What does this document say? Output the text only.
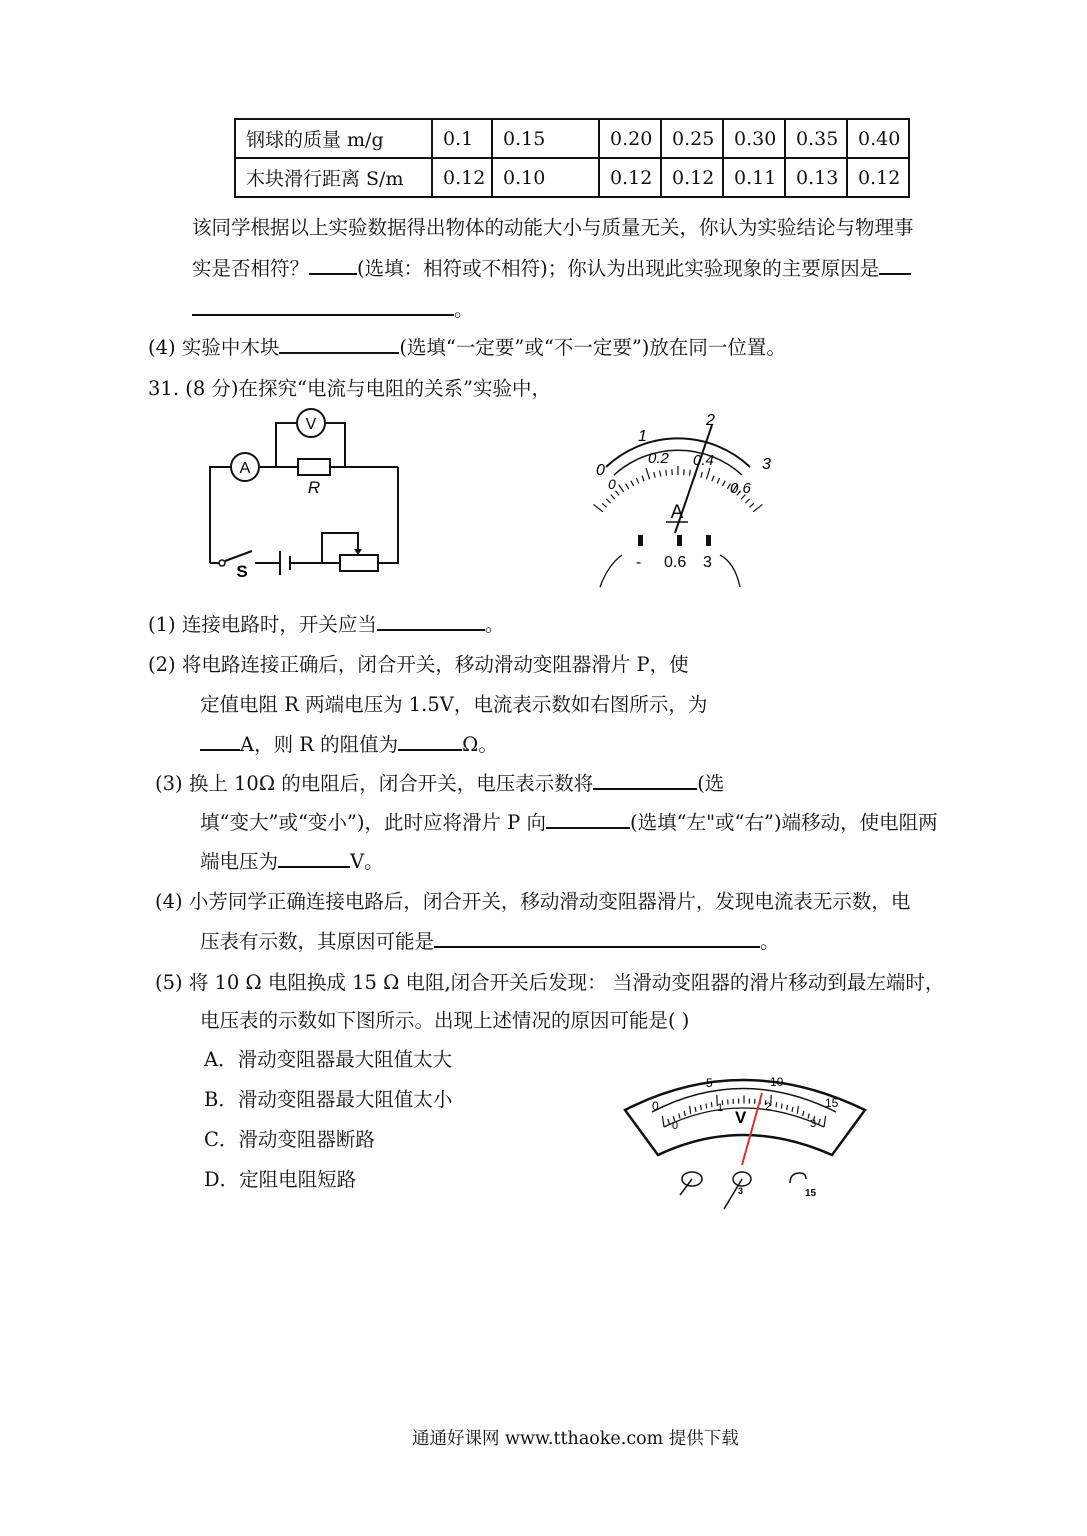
钢球的质量 m/g	0.1	0.15	0.20	0.25	0.30	0.35	0.40
木块滑行距离 S/m	0.12	0.10	0.12	0.12	0.11	0.13	0.12
该同学根据以上实验数据得出物体的动能大小与质量无关，你认为实验结论与物理事
实是否相符？ (选填：相符或不相符)；你认为出现此实验现象的主要原因是
。
(4) 实验中木块	(选填“一定要”或“不一定要”)放在同一位置。
31. (8 分)在探究“电流与电阻的关系”实验中，
V
A
R
S
0
1
2
3
0
0.2 0.4
0.6
A
- 0.6 3
(1) 连接电路时，开关应当	。
(2) 将电路连接正确后，闭合开关，移动滑动变阻器滑片 P，使
定值电阻 R 两端电压为 1.5V，电流表示数如右图所示，为
A，则 R 的阻值为	Ω。
(3) 换上 10Ω 的电阻后，闭合开关，电压表示数将	(选
填“变大”或“变小”)，此时应将滑片 P 向	(选填“左"或“右”)端移动，使电阻两
端电压为	V。
(4) 小芳同学正确连接电路后，闭合开关，移动滑动变阻器滑片，发现电流表无示数，电
压表有示数，其原因可能是	。
(5) 将 10 Ω 电阻换成 15 Ω 电阻,闭合开关后发现： 当滑动变阻器的滑片移动到最左端时，
电压表的示数如下图所示。出现上述情况的原因可能是( )
A．滑动变阻器最大阻值太大
B．滑动变阻器最大阻值太小
C．滑动变阻器断路
D．定阻电阻短路
0
5	10
15
0
1	2
3
V
3	15
通通好课网 www.tthaoke.com 提供下载
